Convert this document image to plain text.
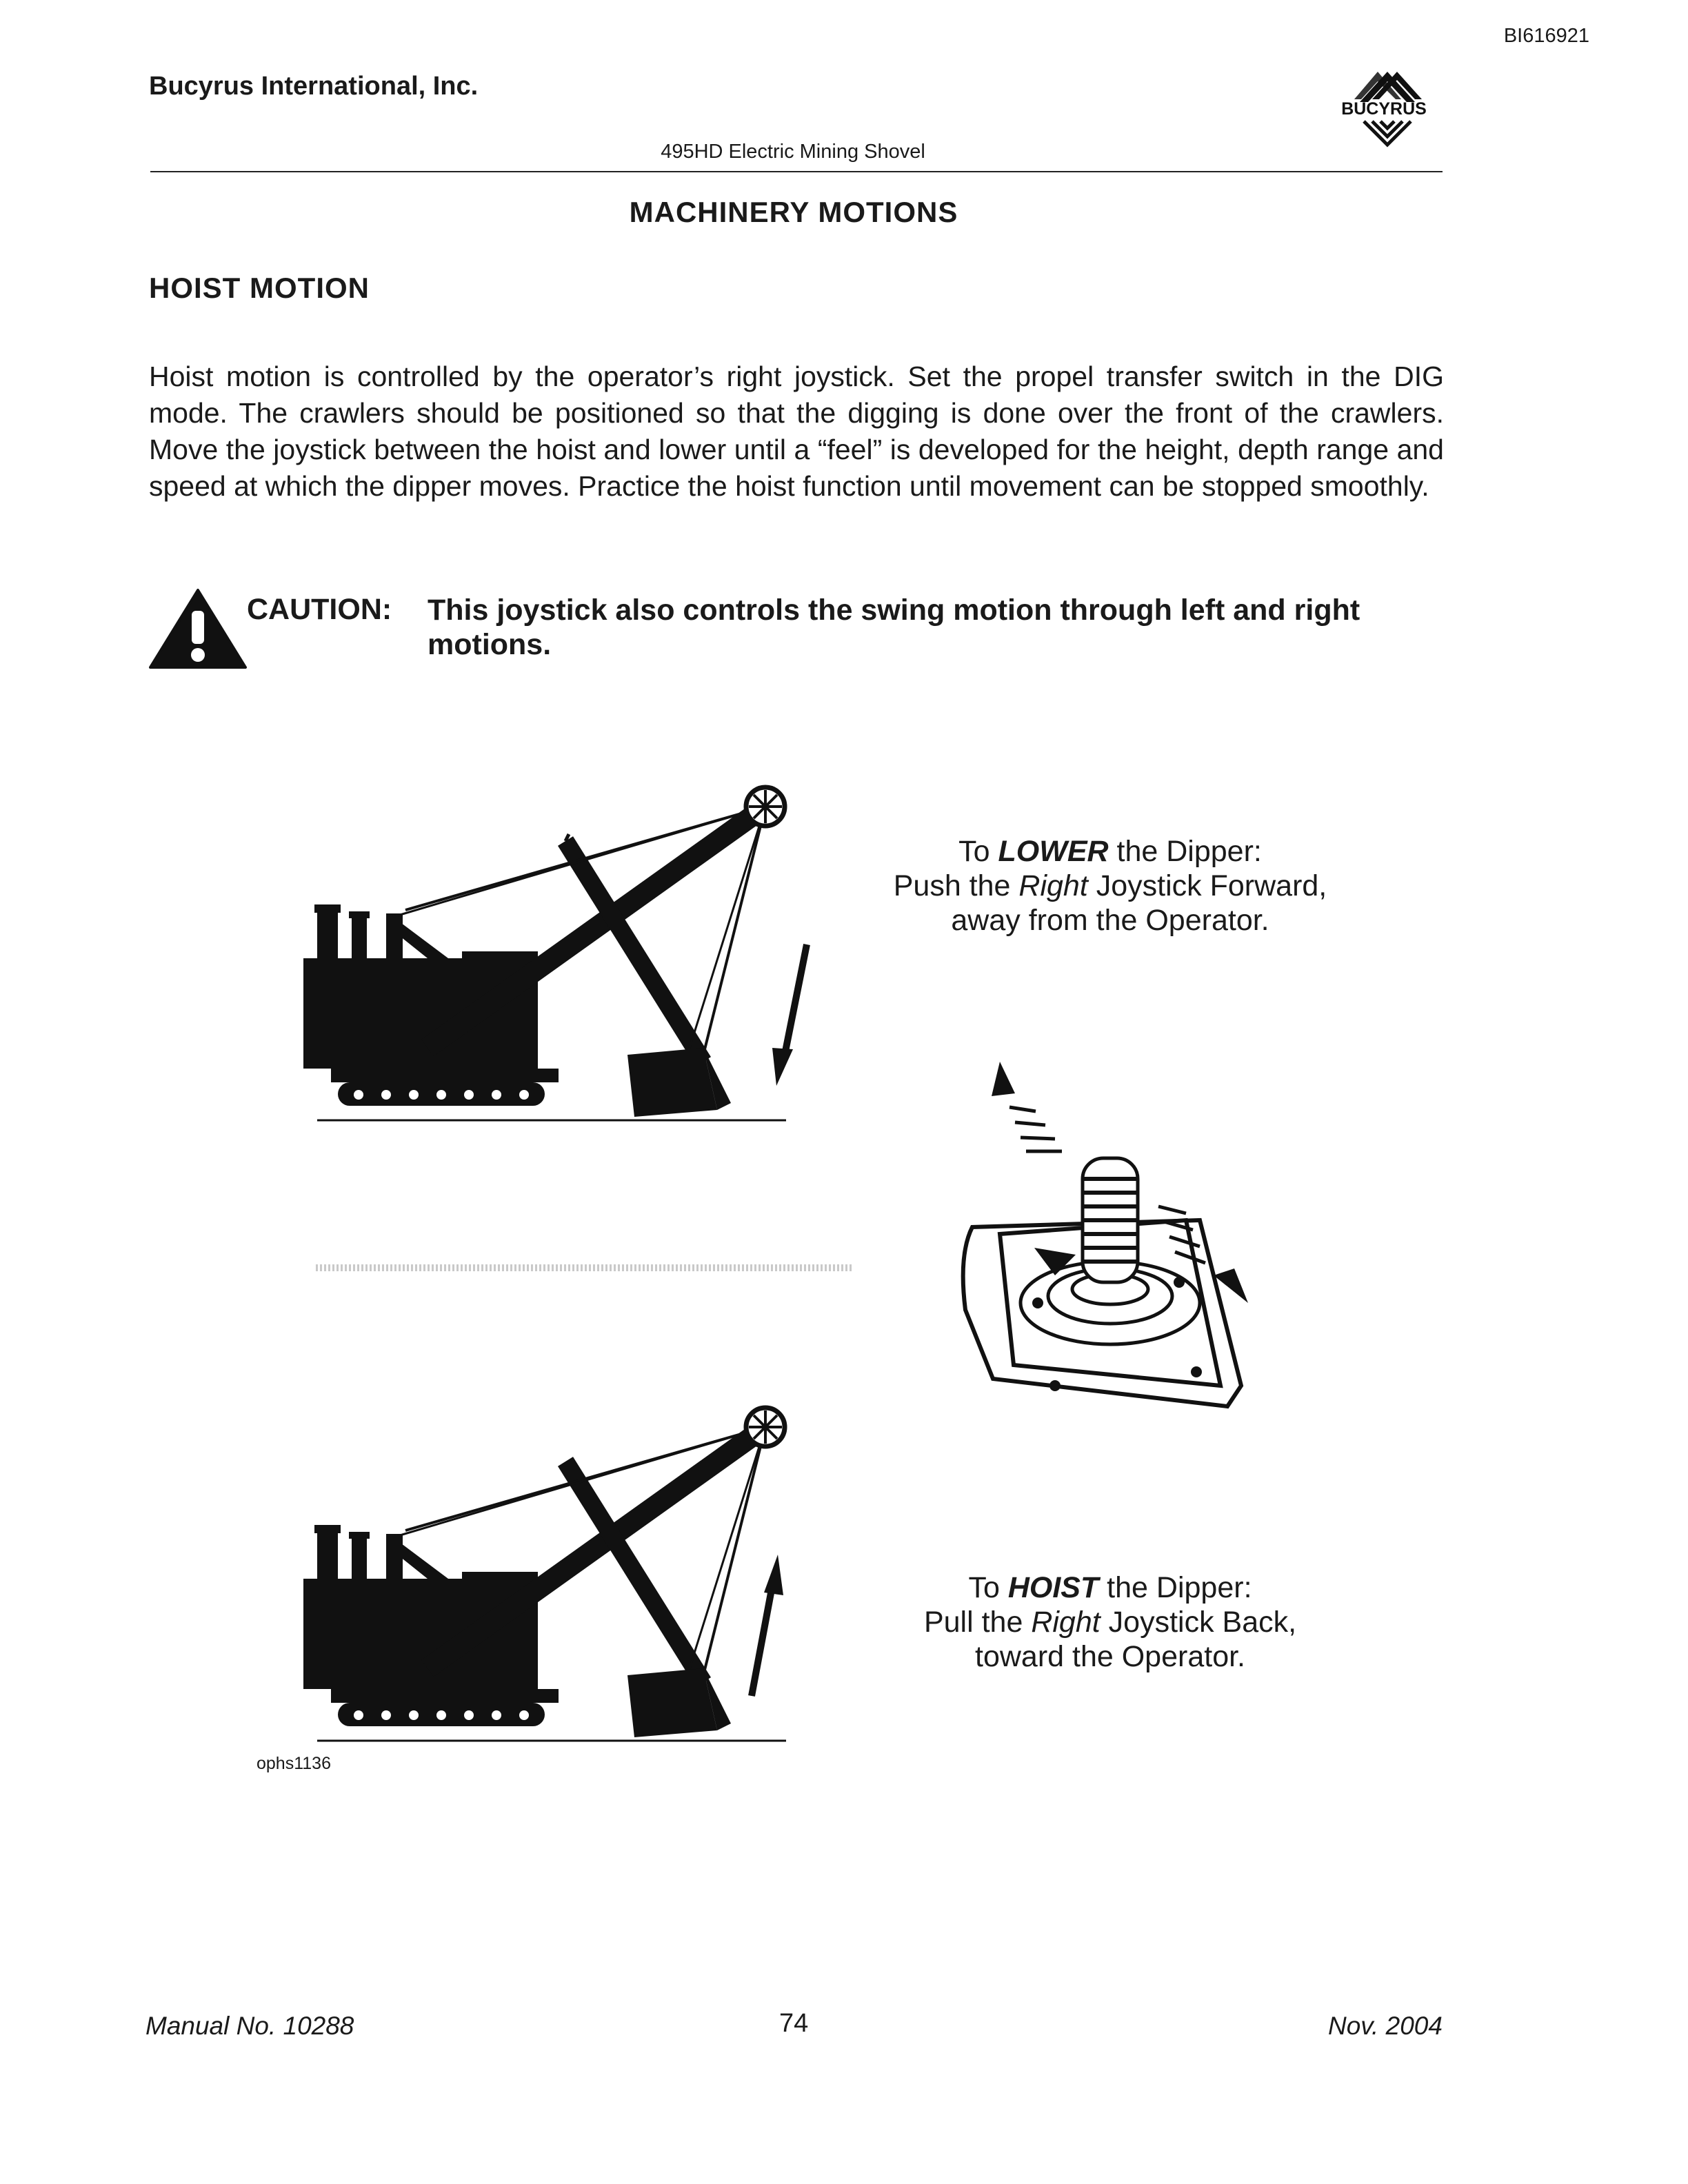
BI616921
Bucyrus International, Inc.
BUCYRUS
495HD Electric Mining Shovel
MACHINERY MOTIONS
HOIST MOTION
Hoist motion is controlled by the operator’s right joystick. Set the propel transfer switch in the DIG mode. The crawlers should be positioned so that the digging is done over the front of the crawlers. Move the joystick between the hoist and lower until a “feel” is developed for the height, depth range and speed at which the dipper moves. Practice the hoist function until movement can be stopped smoothly.
CAUTION: This joystick also controls the swing motion through left and right motions.
To LOWER the Dipper:
Push the Right Joystick Forward,
away from the Operator.
To HOIST the Dipper:
Pull the Right Joystick Back,
toward the Operator.
ophs1136
Manual No. 10288	74	Nov. 2004
